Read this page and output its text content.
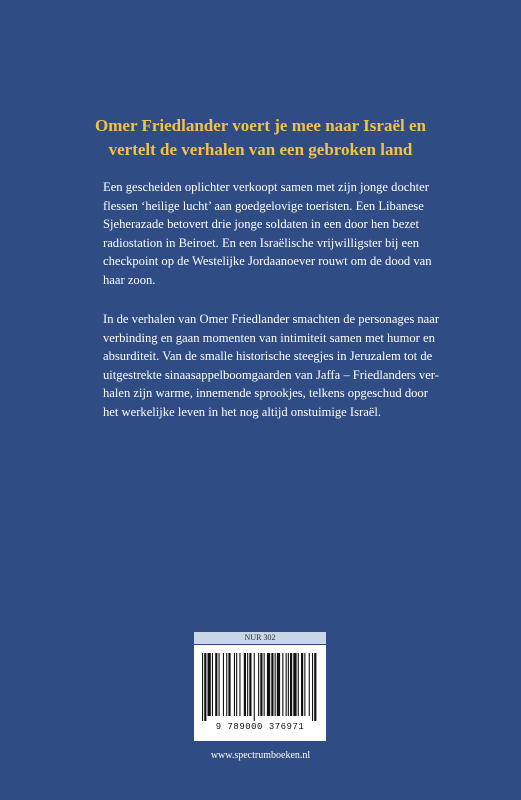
Omer Friedlander voert je mee naar Israël en
vertelt de verhalen van een gebroken land
Een gescheiden oplichter verkoopt samen met zijn jonge dochter
flessen ‘heilige lucht’ aan goedgelovige toeristen. Een Libanese
Sjeherazade betovert drie jonge soldaten in een door hen bezet
radiostation in Beiroet. En een Israëlische vrijwilligster bij een
checkpoint op de Westelijke Jordaanoever rouwt om de dood van
haar zoon.
In de verhalen van Omer Friedlander smachten de personages naar
verbinding en gaan momenten van intimiteit samen met humor en
absurditeit. Van de smalle historische steegjes in Jeruzalem tot de
uitgestrekte sinaasappelboomgaarden van Jaffa – Friedlanders ver-
halen zijn warme, innemende sprookjes, telkens opgeschud door
het werkelijke leven in het nog altijd onstuimige Israël.
NUR 302
9 789000 376971
www.spectrumboeken.nl
